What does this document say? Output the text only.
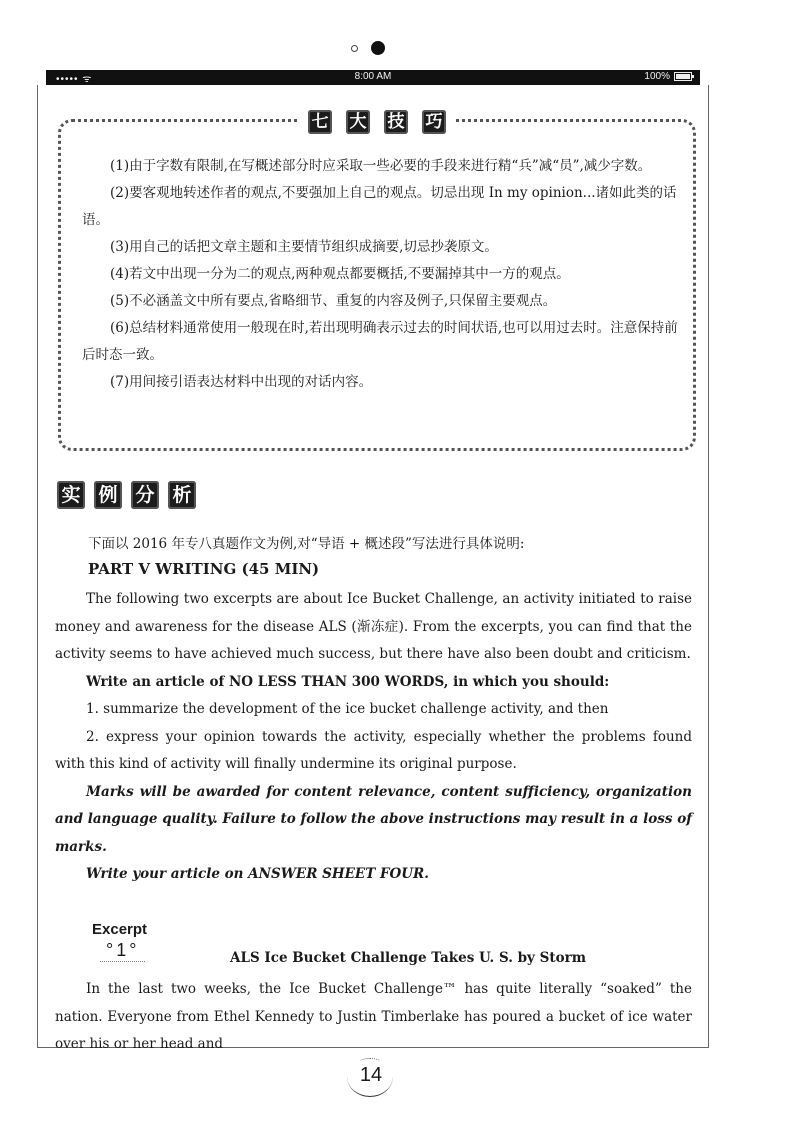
••••• ᯤ	8:00 AM	100%
七 大 技 巧

(1)由于字数有限制,在写概述部分时应采取一些必要的手段来进行精“兵”减“员”,减少字数。

(2)要客观地转述作者的观点,不要强加上自己的观点。切忌出现 In my opinion...诸如此类的话语。

(3)用自己的话把文章主题和主要情节组织成摘要,切忌抄袭原文。

(4)若文中出现一分为二的观点,两种观点都要概括,不要漏掉其中一方的观点。

(5)不必涵盖文中所有要点,省略细节、重复的内容及例子,只保留主要观点。

(6)总结材料通常使用一般现在时,若出现明确表示过去的时间状语,也可以用过去时。注意保持前后时态一致。

(7)用间接引语表达材料中出现的对话内容。

实 例 分 析
下面以 2016 年专八真题作文为例,对“导语 + 概述段”写法进行具体说明:
PART V WRITING (45 MIN)

The following two excerpts are about Ice Bucket Challenge, an activity initiated to raise money and awareness for the disease ALS (渐冻症). From the excerpts, you can find that the activity seems to have achieved much success, but there have also been doubt and criticism.

Write an article of NO LESS THAN 300 WORDS, in which you should:

1. summarize the development of the ice bucket challenge activity, and then

2. express your opinion towards the activity, especially whether the problems found with this kind of activity will finally undermine its original purpose.

Marks will be awarded for content relevance, content sufficiency, organization and language quality. Failure to follow the above instructions may result in a loss of marks.

Write your article on ANSWER SHEET FOUR.

Excerpt
°1°	ALS Ice Bucket Challenge Takes U. S. by Storm

In the last two weeks, the Ice Bucket Challenge™ has quite literally “soaked” the nation. Everyone from Ethel Kennedy to Justin Timberlake has poured a bucket of ice water over his or her head and

14
